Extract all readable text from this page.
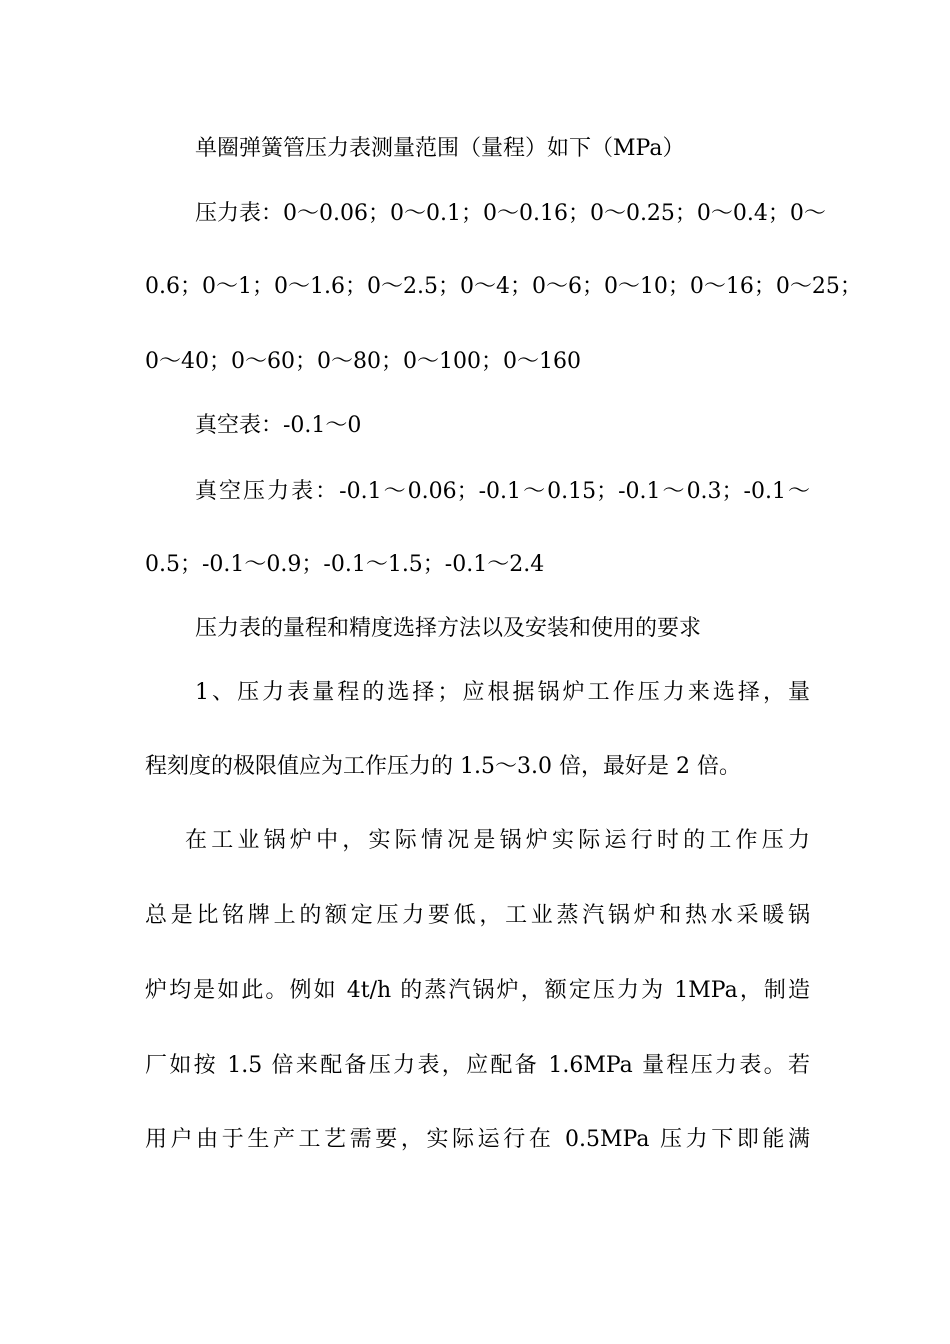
单圈弹簧管压力表测量范围（量程）如下（MPa）
压力表：0～0.06；0～0.1；0～0.16；0～0.25；0～0.4；0～
0.6；0～1；0～1.6；0～2.5；0～4；0～6；0～10；0～16；0～25；
0～40；0～60；0～80；0～100；0～160
真空表：-0.1～0
真空压力表：-0.1～0.06；-0.1～0.15；-0.1～0.3；-0.1～
0.5；-0.1～0.9；-0.1～1.5；-0.1～2.4
压力表的量程和精度选择方法以及安装和使用的要求
1、压力表量程的选择；应根据锅炉工作压力来选择，量
程刻度的极限值应为工作压力的 1.5～3.0 倍，最好是 2 倍。
在工业锅炉中，实际情况是锅炉实际运行时的工作压力
总是比铭牌上的额定压力要低，工业蒸汽锅炉和热水采暖锅
炉均是如此。例如 4t/h 的蒸汽锅炉，额定压力为 1MPa，制造
厂如按 1.5 倍来配备压力表，应配备 1.6MPa 量程压力表。若
用户由于生产工艺需要，实际运行在 0.5MPa 压力下即能满
